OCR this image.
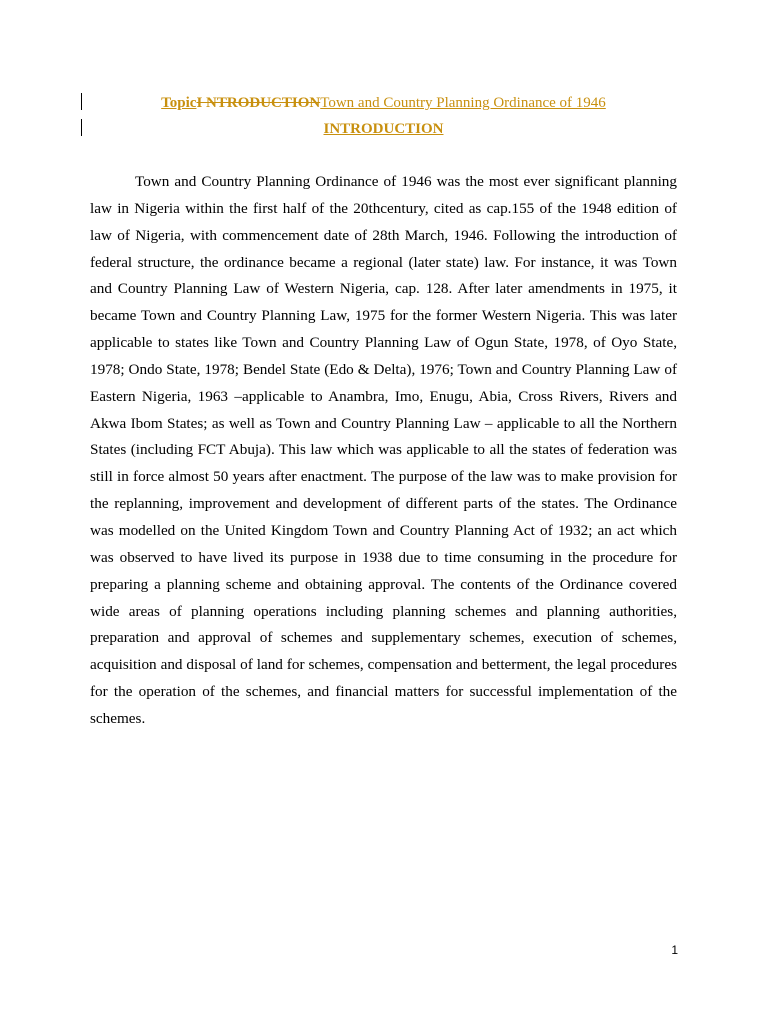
TopicI NTRODUCTIONTown and Country Planning Ordinance of 1946
INTRODUCTION

Town and Country Planning Ordinance of 1946 was the most ever significant planning law in Nigeria within the first half of the 20thcentury, cited as cap.155 of the 1948 edition of law of Nigeria, with commencement date of 28th March, 1946. Following the introduction of federal structure, the ordinance became a regional (later state) law. For instance, it was Town and Country Planning Law of Western Nigeria, cap. 128. After later amendments in 1975, it became Town and Country Planning Law, 1975 for the former Western Nigeria. This was later applicable to states like Town and Country Planning Law of Ogun State, 1978, of Oyo State, 1978; Ondo State, 1978; Bendel State (Edo & Delta), 1976; Town and Country Planning Law of Eastern Nigeria, 1963 –applicable to Anambra, Imo, Enugu, Abia, Cross Rivers, Rivers and Akwa Ibom States; as well as Town and Country Planning Law – applicable to all the Northern States (including FCT Abuja). This law which was applicable to all the states of federation was still in force almost 50 years after enactment. The purpose of the law was to make provision for the replanning, improvement and development of different parts of the states. The Ordinance was modelled on the United Kingdom Town and Country Planning Act of 1932; an act which was observed to have lived its purpose in 1938 due to time consuming in the procedure for preparing a planning scheme and obtaining approval. The contents of the Ordinance covered wide areas of planning operations including planning schemes and planning authorities, preparation and approval of schemes and supplementary schemes, execution of schemes, acquisition and disposal of land for schemes, compensation and betterment, the legal procedures for the operation of the schemes, and financial matters for successful implementation of the schemes.

1
